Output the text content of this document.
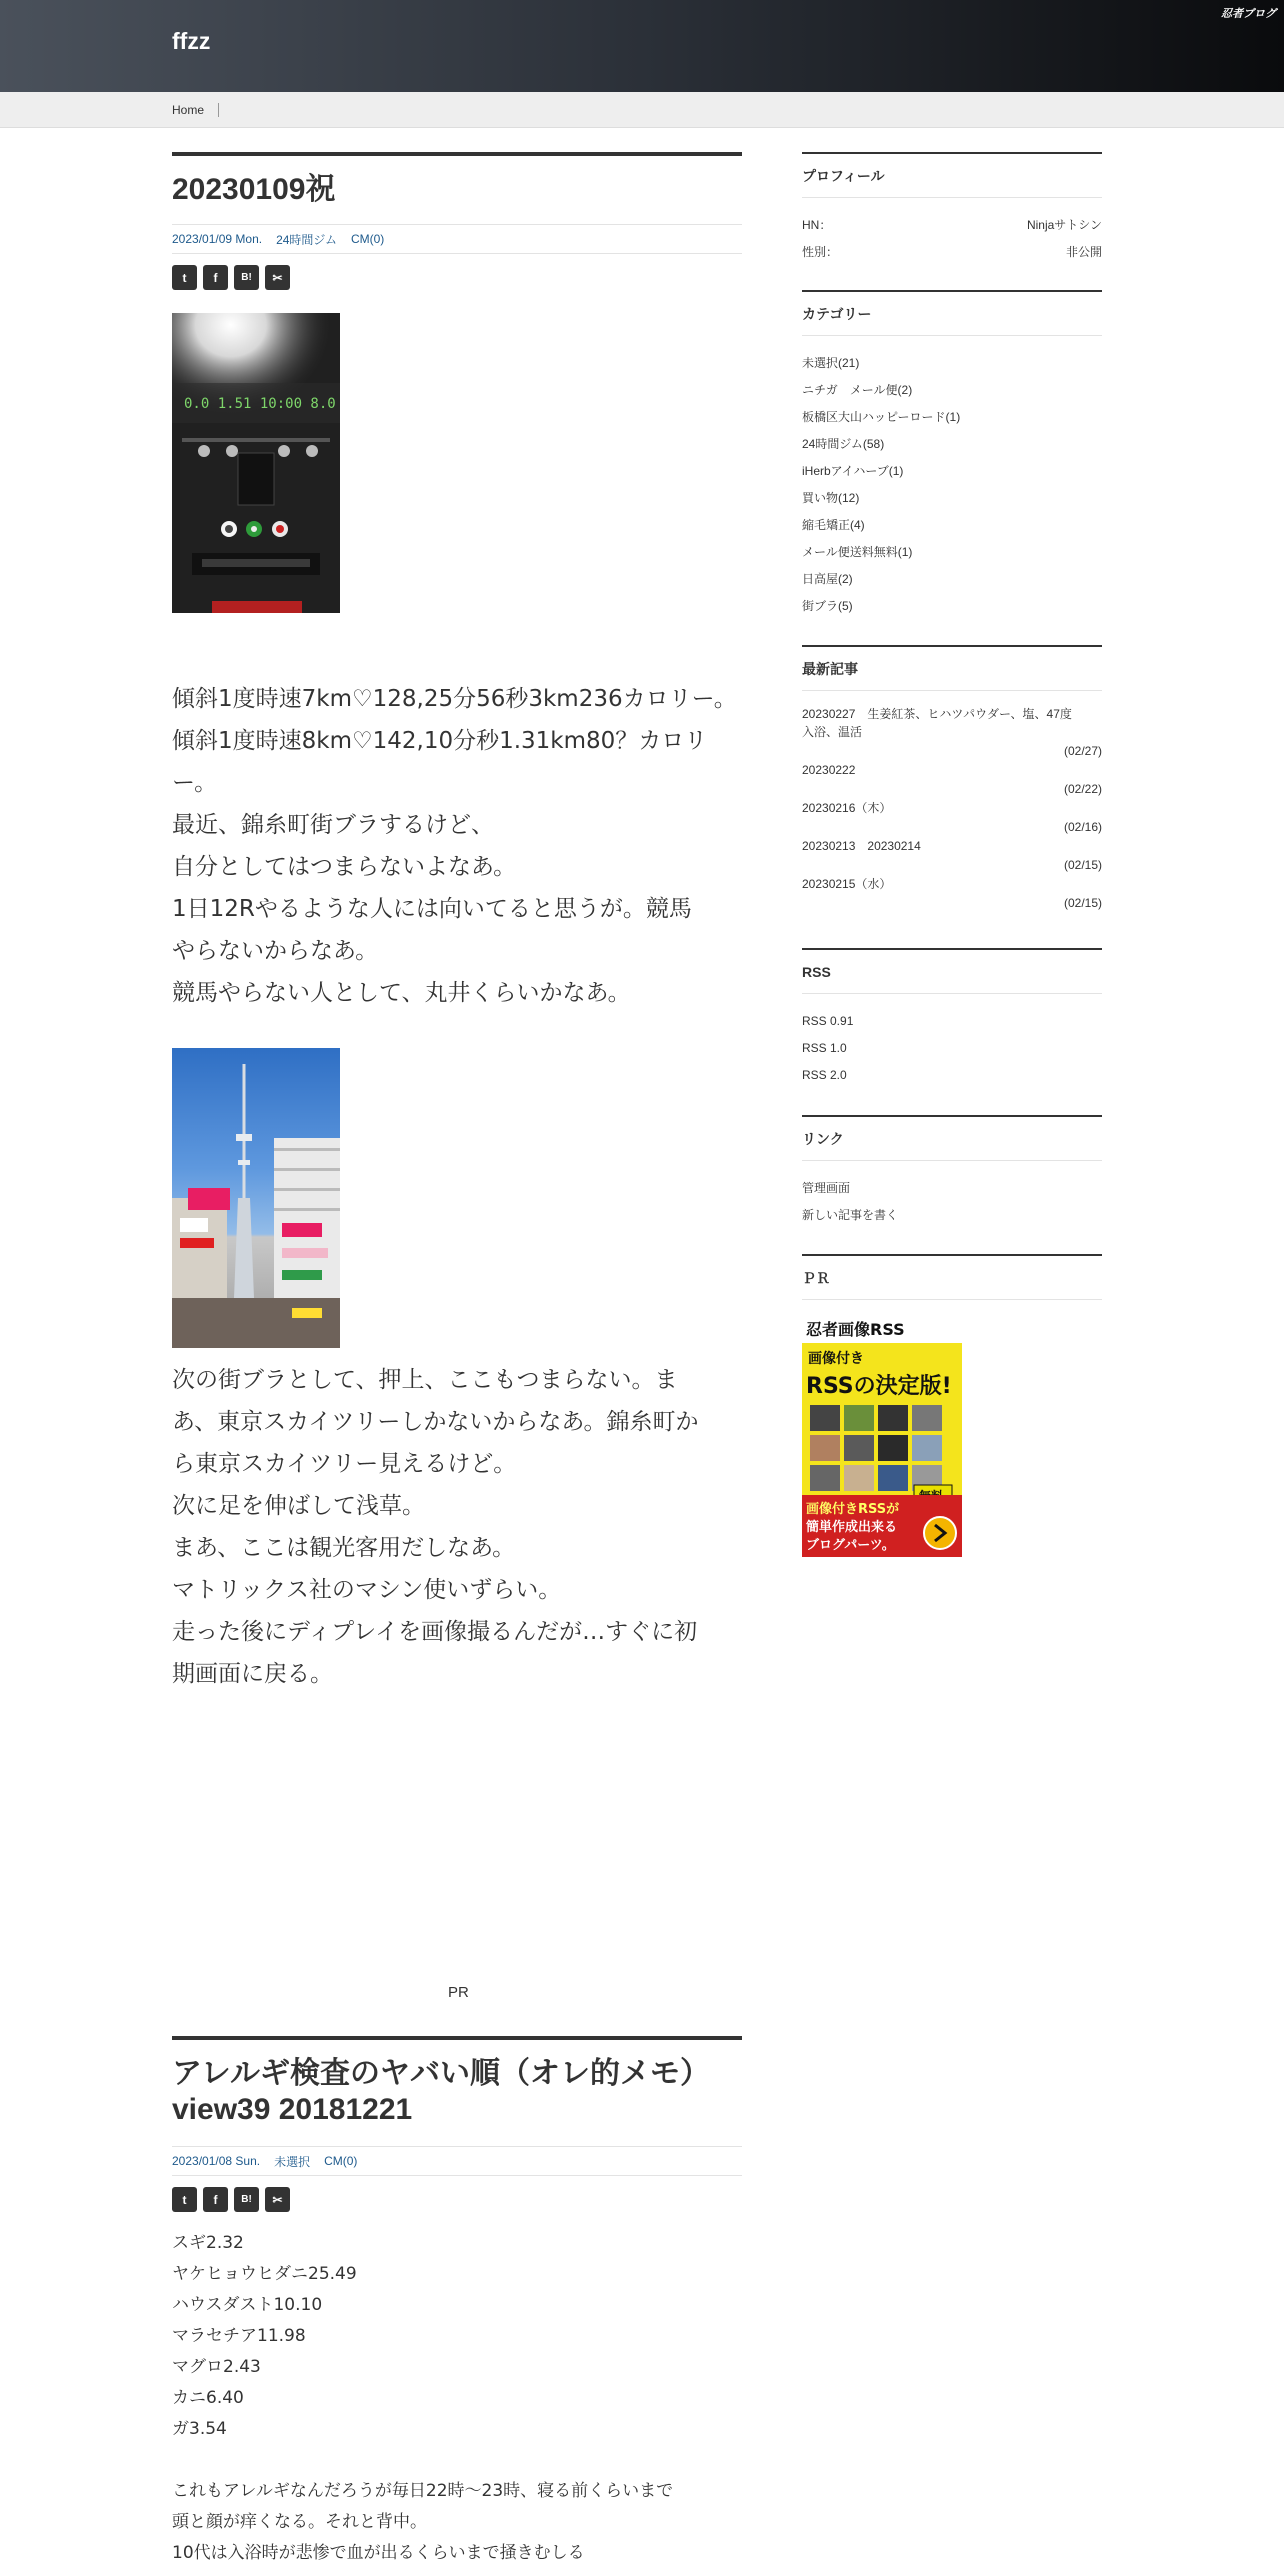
ffzz
忍者ブログ
Home
20230109祝
2023/01/09 Mon. 24時間ジム CM(0)
t	f	B!	✂
0.0 1.51 10:00 8.0
傾斜1度時速7km♡128,25分56秒3km236カロリー。
傾斜1度時速8km♡142,10分秒1.31km80？カロリ
ー。
最近、錦糸町街ブラするけど、
自分としてはつまらないよなあ。
1日12Rやるような人には向いてると思うが。競馬
やらないからなあ。
競馬やらない人として、丸井くらいかなあ。
次の街ブラとして、押上、ここもつまらない。ま
あ、東京スカイツリーしかないからなあ。錦糸町か
ら東京スカイツリー見えるけど。
次に足を伸ばして浅草。
まあ、ここは観光客用だしなあ。
マトリックス社のマシン使いずらい。
走った後にディプレイを画像撮るんだが…すぐに初
期画面に戻る。
PR
アレルギ検査のヤバい順（オレ的メモ）
view39 20181221
2023/01/08 Sun. 未選択 CM(0)
t	f	B!	✂
スギ2.32
ヤケヒョウヒダニ25.49
ハウスダスト10.10
マラセチア11.98
マグロ2.43
カニ6.40
ガ3.54
これもアレルギなんだろうが毎日22時～23時、寝る前くらいまで
頭と顔が痒くなる。それと背中。
10代は入浴時が悲惨で血が出るくらいまで掻きむしる
プロフィール
HN：	Ninjaサトシン
性別：	非公開
カテゴリー
未選択(21)
ニチガ　メール便(2)
板橋区大山ハッピーロード(1)
24時間ジム(58)
iHerbアイハーブ(1)
買い物(12)
縮毛矯正(4)
メール便送料無料(1)
日高屋(2)
街ブラ(5)
最新記事
20230227　生姜紅茶、ヒハツパウダー、塩、47度
入浴、温活
(02/27)
20230222
(02/22)
20230216（木）
(02/16)
20230213　20230214
(02/15)
20230215（水）
(02/15)
RSS
RSS 0.91
RSS 1.0
RSS 2.0
リンク
管理画面
新しい記事を書く
ＰＲ
忍者画像RSS
画像付き
RSSの決定版!
画像付きRSSが
簡単作成出来る
ブログパーツ。
